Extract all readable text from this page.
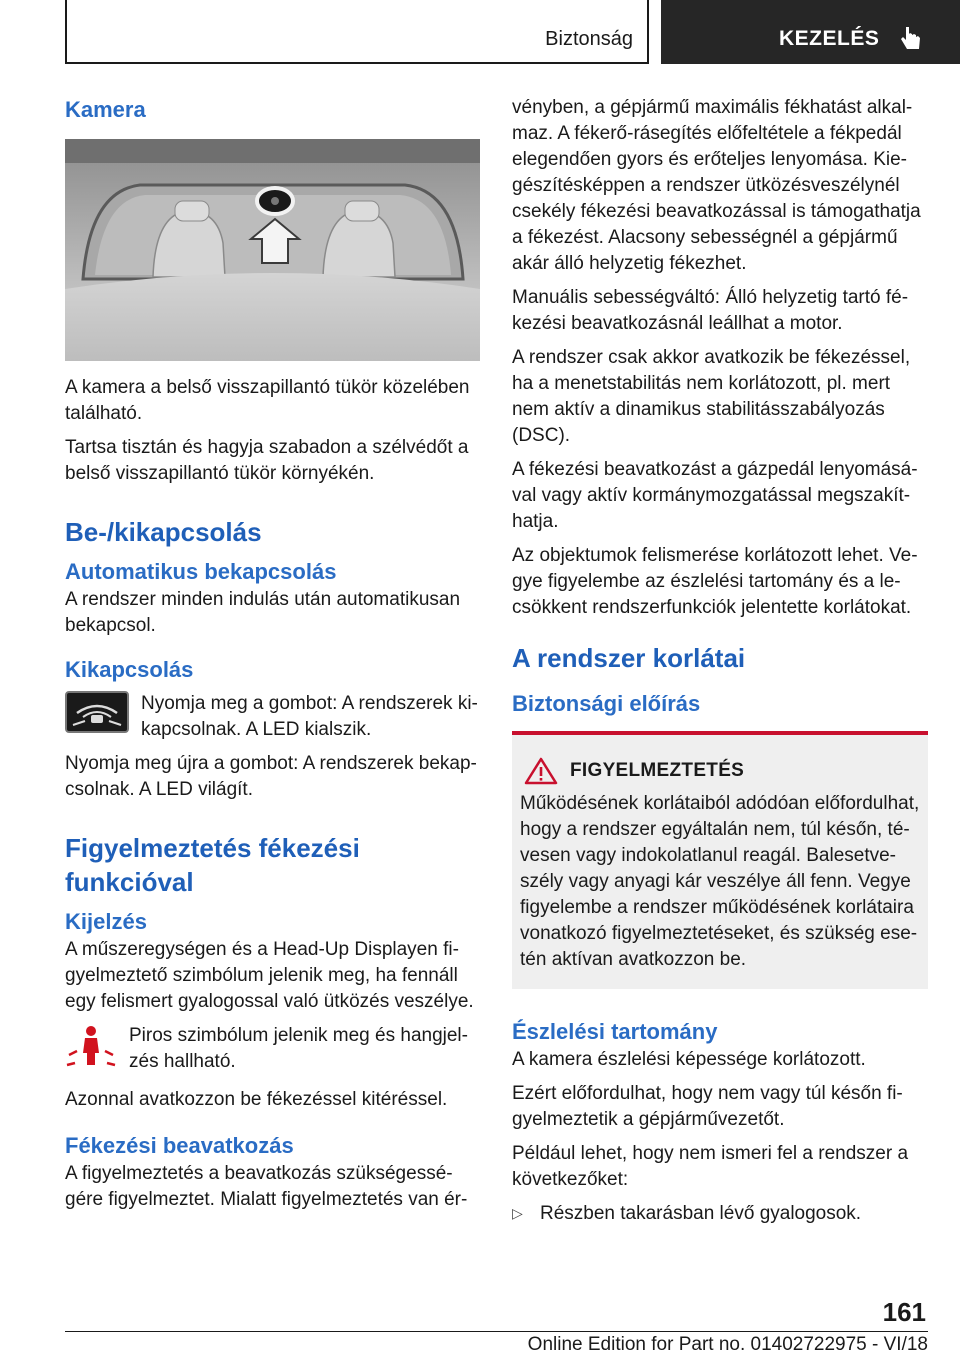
Biztonság	KEZELÉS
Kamera

A kamera a belső visszapillantó tükör közelében található.

Tartsa tisztán és hagyja szabadon a szélvédőt a belső visszapillantó tükör környékén.

Be-/kikapcsolás
Automatikus bekapcsolás

A rendszer minden indulás után automatikusan bekapcsol.

Kikapcsolás

Nyomja meg a gombot: A rendszerek ki-kapcsolnak. A LED kialszik.

Nyomja meg újra a gombot: A rendszerek bekap-csolnak. A LED világít.

Figyelmeztetés fékezési funkcióval
Kijelzés

A műszeregységen és a Head-Up Displayen fi-gyelmeztető szimbólum jelenik meg, ha fennáll egy felismert gyalogossal való ütközés veszélye.

Piros szimbólum jelenik meg és hangjel-zés hallható.

Azonnal avatkozzon be fékezéssel kitéréssel.

Fékezési beavatkozás

A figyelmeztetés a beavatkozás szükségessé-gére figyelmeztet. Mialatt figyelmeztetés van ér-

vényben, a gépjármű maximális fékhatást alkal-maz. A fékerő-rásegítés előfeltétele a fékpedál elegendően gyors és erőteljes lenyomása. Kie-gészítésképpen a rendszer ütközésveszélynél csekély fékezési beavatkozással is támogathatja a fékezést. Alacsony sebességnél a gépjármű akár álló helyzetig fékezhet.

Manuális sebességváltó: Álló helyzetig tartó fé-kezési beavatkozásnál leállhat a motor.

A rendszer csak akkor avatkozik be fékezéssel, ha a menetstabilitás nem korlátozott, pl. mert nem aktív a dinamikus stabilitásszabályozás (DSC).

A fékezési beavatkozást a gázpedál lenyomásá-val vagy aktív kormánymozgatással megszakít-hatja.

Az objektumok felismerése korlátozott lehet. Ve-gye figyelembe az észlelési tartomány és a le-csökkent rendszerfunkciók jelentette korlátokat.

A rendszer korlátai
Biztonsági előírás
FIGYELMEZTETÉS

Működésének korlátaiból adódóan előfordulhat, hogy a rendszer egyáltalán nem, túl későn, té-vesen vagy indokolatlanul reagál. Balesetve-szély vagy anyagi kár veszélye áll fenn. Vegye figyelembe a rendszer működésének korlátaira vonatkozó figyelmeztetéseket, és szükség ese-tén aktívan avatkozzon be.

Észlelési tartomány

A kamera észlelési képessége korlátozott.

Ezért előfordulhat, hogy nem vagy túl későn fi-gyelmeztetik a gépjárművezetőt.

Például lehet, hogy nem ismeri fel a rendszer a következőket:

▷ Részben takarásban lévő gyalogosok.

161
Online Edition for Part no. 01402722975 - VI/18
